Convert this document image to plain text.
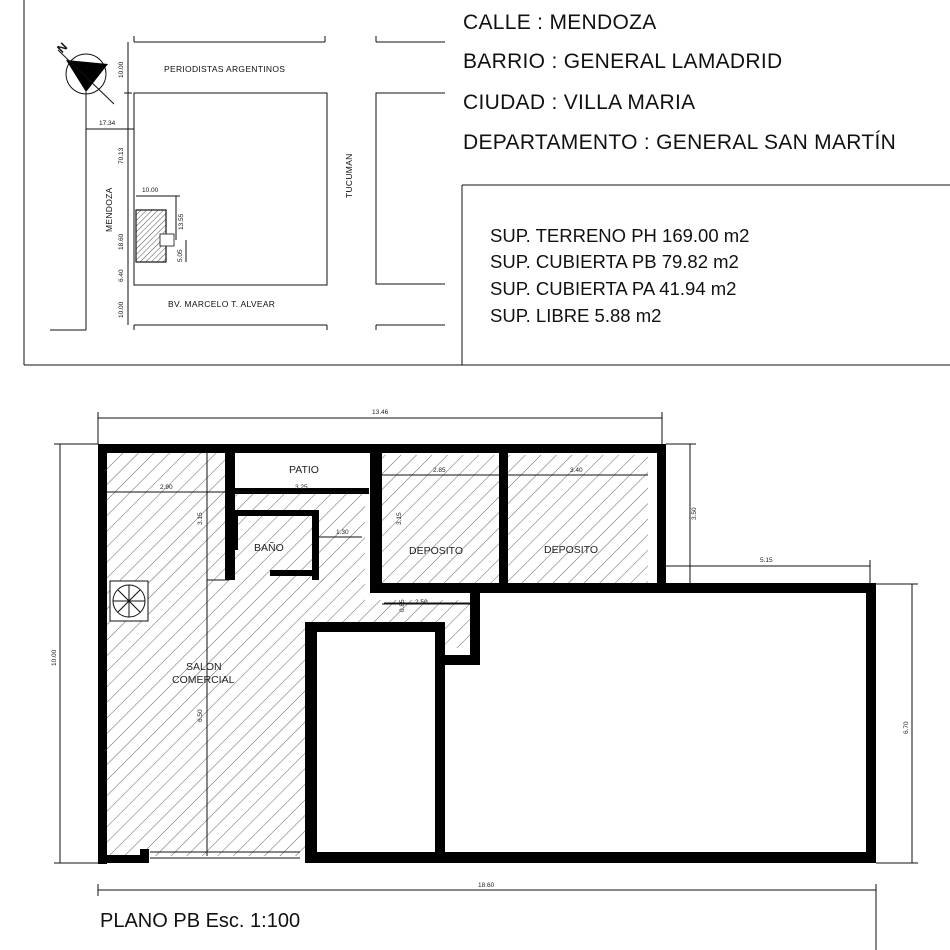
CALLE : MENDOZA
BARRIO : GENERAL LAMADRID
CIUDAD : VILLA MARIA
DEPARTAMENTO : GENERAL SAN MARTÍN
SUP. TERRENO PH 169.00 m2
SUP. CUBIERTA PB 79.82 m2
SUP. CUBIERTA PA 41.94 m2
SUP. LIBRE 5.88 m2
N
PERIODISTAS ARGENTINOS
BV. MARCELO T. ALVEAR
MENDOZA
TUCUMAN
10.00
17.34
70.13
10.00
13.55
18.60
5.05
6.40
10.00
PATIO
BAÑO	DEPOSITO	DEPOSITO
SALON
COMERCIAL
2.90	3.25
2.85	3.40
1.30
2.50
3.15	3.15
0.85
6.50
13.46
10.00
3.50
5.15
6.70
18.60
PLANO PB Esc. 1:100
